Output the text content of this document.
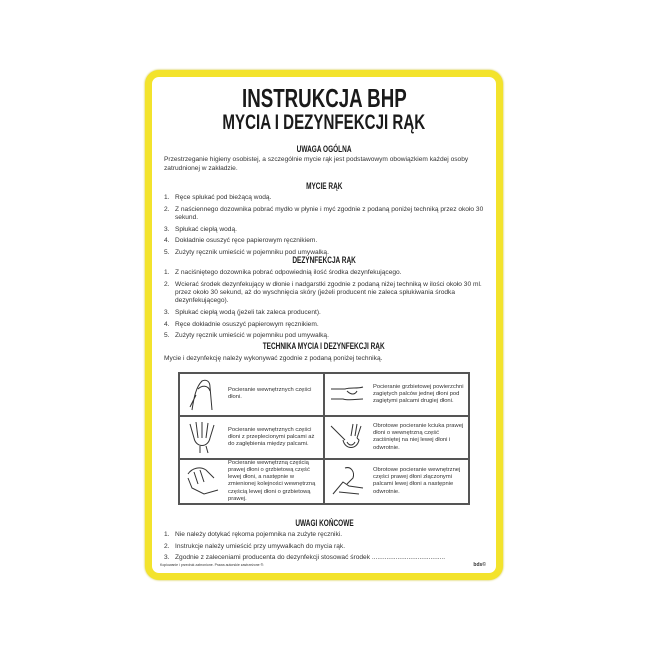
INSTRUKCJA BHP
MYCIA I DEZYNFEKCJI RĄK
UWAGA OGÓLNA
Przestrzeganie higieny osobistej, a szczególnie mycie rąk jest podstawowym obowiązkiem każdej osoby zatrudnionej w zakładzie.
MYCIE RĄK
1. Ręce spłukać pod bieżącą wodą.
2. Z naściennego dozownika pobrać mydło w płynie i myć zgodnie z podaną poniżej techniką przez około 30 sekund.
3. Spłukać ciepłą wodą.
4. Dokładnie osuszyć ręce papierowym ręcznikiem.
5. Zużyty ręcznik umieścić w pojemniku pod umywalką.
DEZYNFEKCJA RĄK
1. Z naciśniętego dozownika pobrać odpowiednią ilość środka dezynfekującego.
2. Wcierać środek dezynfekujący w dłonie i nadgarstki zgodnie z podaną niżej techniką w ilości około 30 ml. przez około 30 sekund, aż do wyschnięcia skóry (jeżeli producent nie zaleca spłukiwania środka dezynfekującego).
3. Spłukać ciepłą wodą (jeżeli tak zaleca producent).
4. Ręce dokładnie osuszyć papierowym ręcznikiem.
5. Zużyty ręcznik umieścić w pojemniku pod umywalką.
TECHNIKA MYCIA I DEZYNFEKCJI RĄK
Mycie i dezynfekcję należy wykonywać zgodnie z podaną poniżej techniką.
Pocieranie wewnętrznych części dłoni.
Pocieranie grzbietowej powierzchni zagiętych palców jednej dłoni pod zagiętymi palcami drugiej dłoni.
Pocieranie wewnętrznych części dłoni z przeplecionymi palcami aż do zagłębienia między palcami.
Obrotowe pocieranie kciuka prawej dłoni o wewnętrzną część zaciśniętej na niej lewej dłoni i odwrotnie.
Pocieranie wewnętrzną częścią prawej dłoni o grzbietową część lewej dłoni, a następnie w zmienionej kolejności wewnętrzną częścią lewej dłoni o grzbietową prawej.
Obrotowe pocieranie wewnętrznej części prawej dłoni złączonymi palcami lewej dłoni a następnie odwrotnie.
UWAGI KOŃCOWE
1. Nie należy dotykać rękoma pojemnika na zużyte ręczniki.
2. Instrukcje należy umieścić przy umywalkach do mycia rąk.
3. Zgodnie z zaleceniami producenta do dezynfekcji stosować środek ........................................
Kopiowanie i przedruk zabronione. Prawa autorskie zastrzeżone ®.	bds©
